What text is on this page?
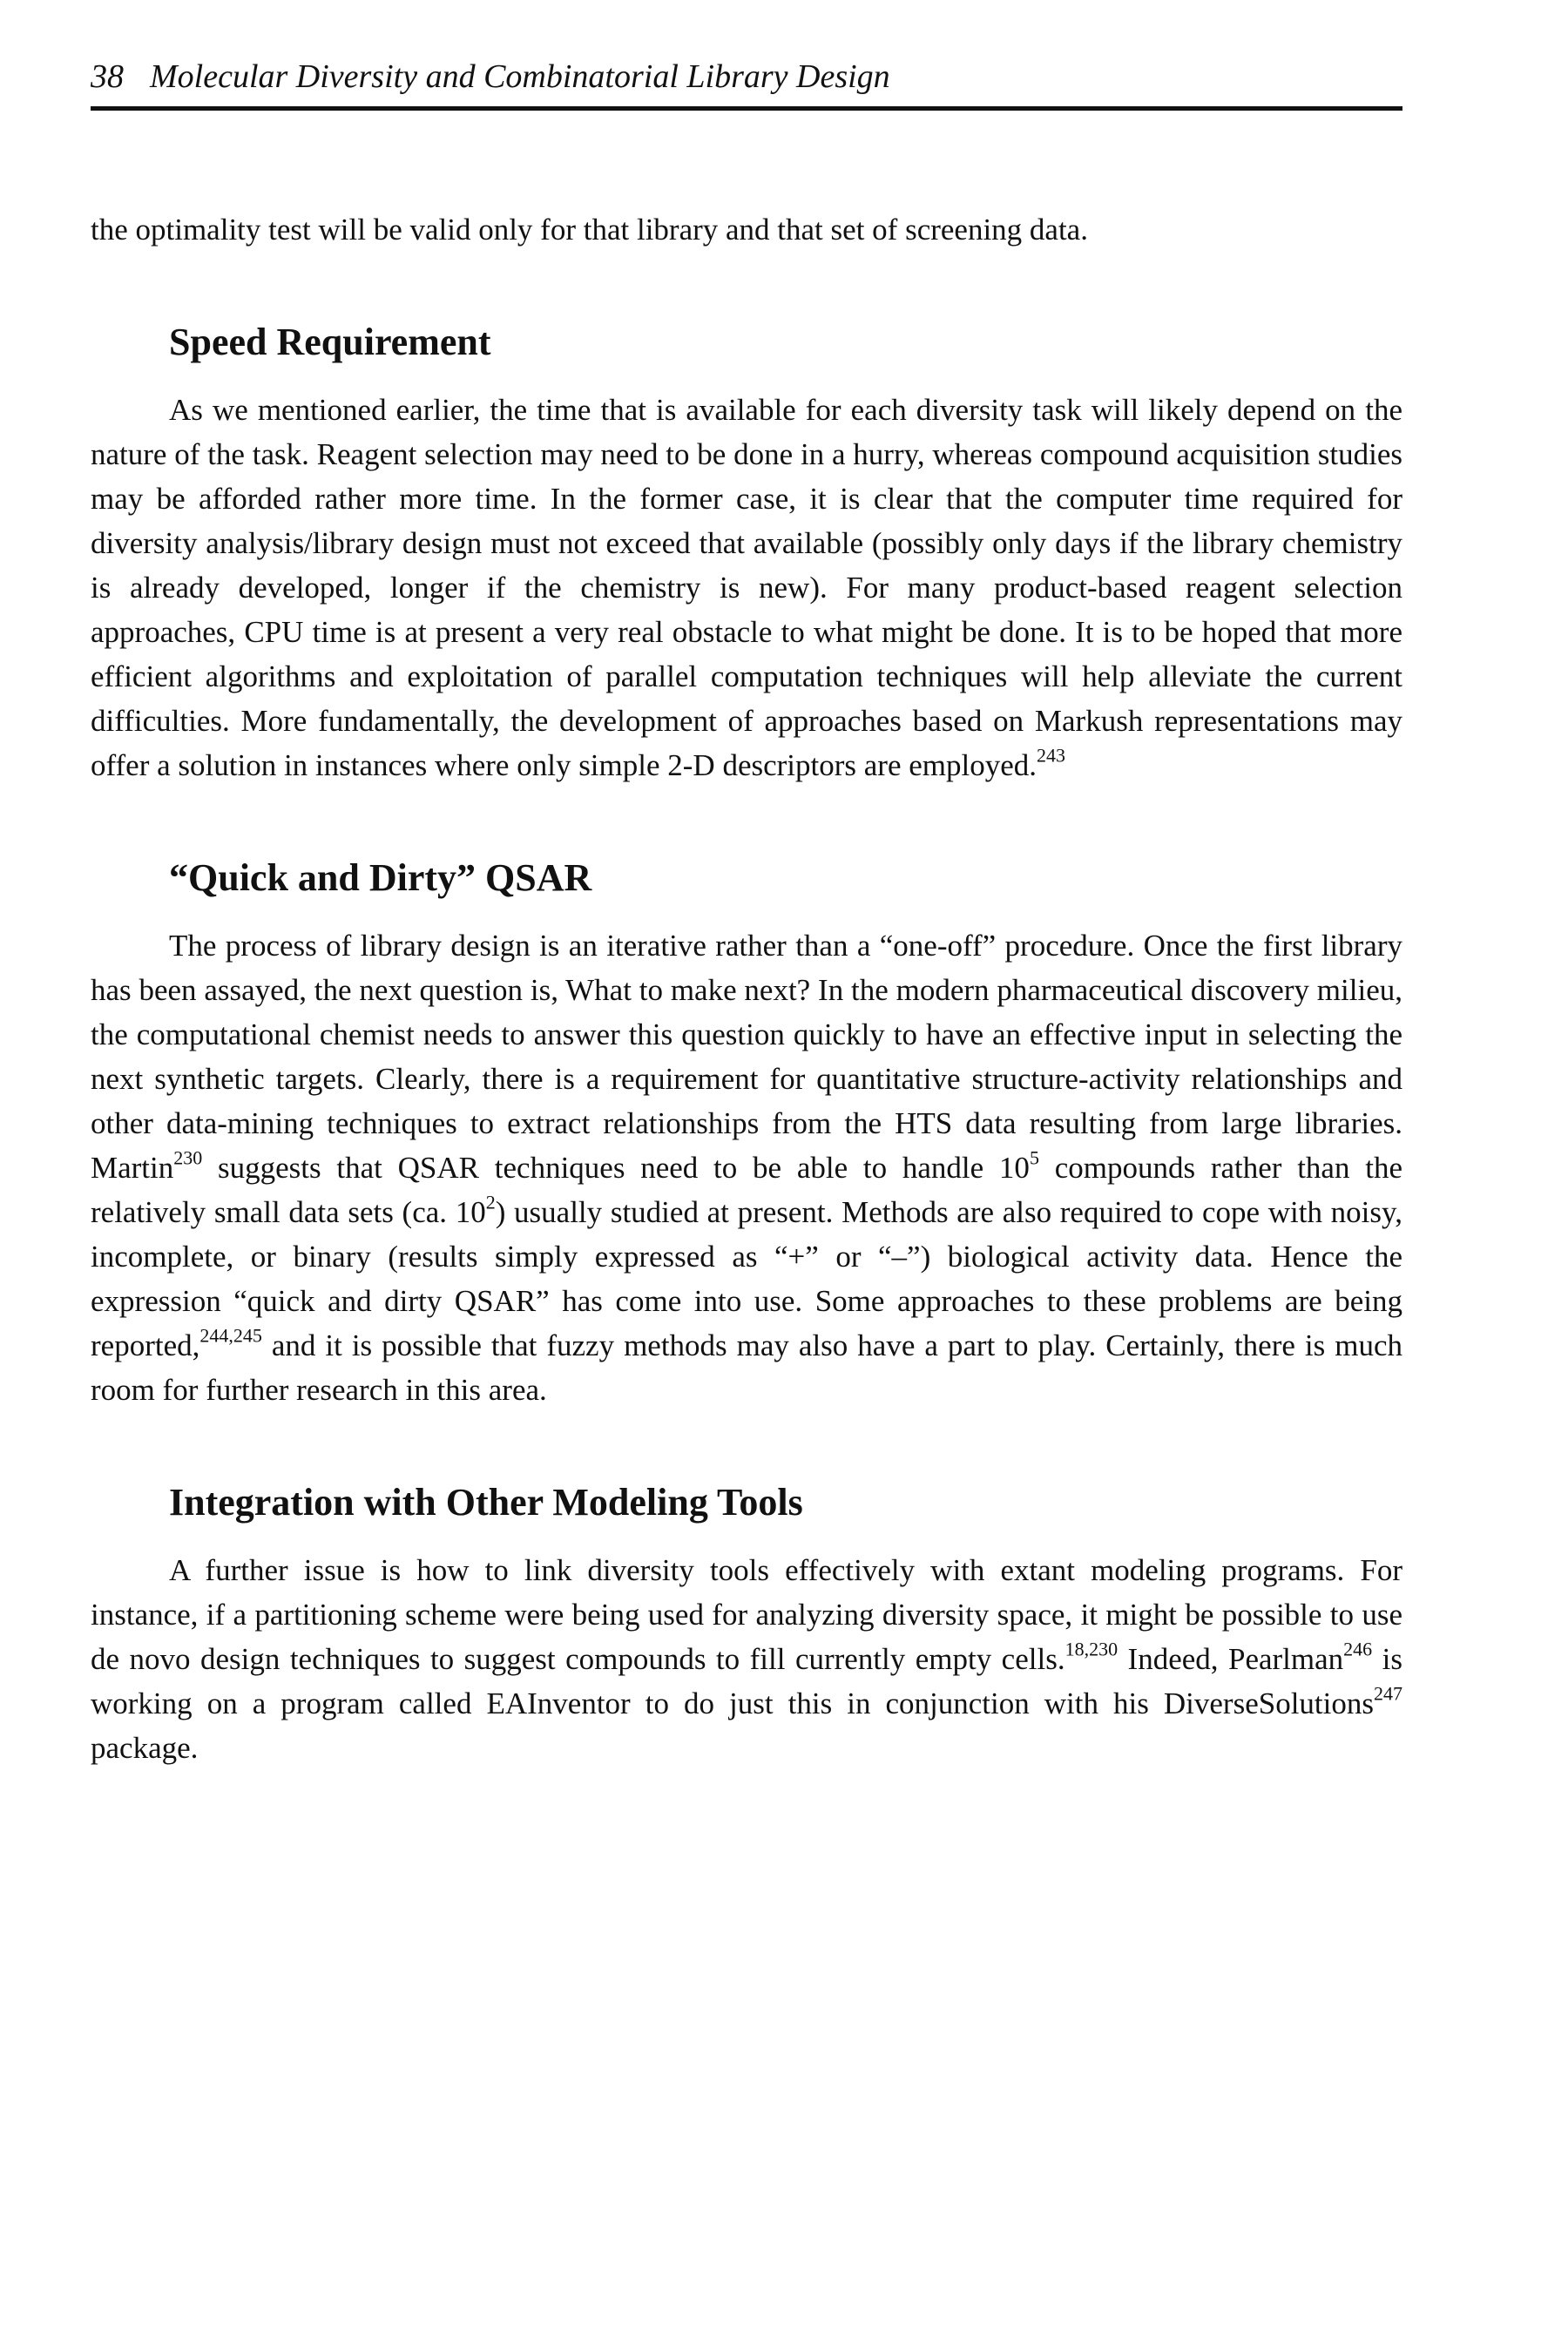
38 Molecular Diversity and Combinatorial Library Design

the optimality test will be valid only for that library and that set of screening data.

Speed Requirement

As we mentioned earlier, the time that is available for each diversity task will likely depend on the nature of the task. Reagent selection may need to be done in a hurry, whereas compound acquisition studies may be afforded rather more time. In the former case, it is clear that the computer time required for diversity analysis/library design must not exceed that available (possibly only days if the library chemistry is already developed, longer if the chemistry is new). For many product-based reagent selection approaches, CPU time is at present a very real obstacle to what might be done. It is to be hoped that more efficient algorithms and exploitation of parallel computation techniques will help alleviate the current difficulties. More fundamentally, the development of approaches based on Markush representations may offer a solution in instances where only simple 2-D descriptors are employed.$^{243}$

“Quick and Dirty” QSAR

The process of library design is an iterative rather than a “one-off” procedure. Once the first library has been assayed, the next question is, What to make next? In the modern pharmaceutical discovery milieu, the computational chemist needs to answer this question quickly to have an effective input in selecting the next synthetic targets. Clearly, there is a requirement for quantitative structure-activity relationships and other data-mining techniques to extract relationships from the HTS data resulting from large libraries. Martin$^{230}$ suggests that QSAR techniques need to be able to handle $10^5$ compounds rather than the relatively small data sets (ca. $10^2$) usually studied at present. Methods are also required to cope with noisy, incomplete, or binary (results simply expressed as “+” or “–”) biological activity data. Hence the expression “quick and dirty QSAR” has come into use. Some approaches to these problems are being reported,$^{244,245}$ and it is possible that fuzzy methods may also have a part to play. Certainly, there is much room for further research in this area.

Integration with Other Modeling Tools

A further issue is how to link diversity tools effectively with extant modeling programs. For instance, if a partitioning scheme were being used for analyzing diversity space, it might be possible to use de novo design techniques to suggest compounds to fill currently empty cells.$^{18,230}$ Indeed, Pearlman$^{246}$ is working on a program called EAInventor to do just this in conjunction with his DiverseSolutions$^{247}$ package.
